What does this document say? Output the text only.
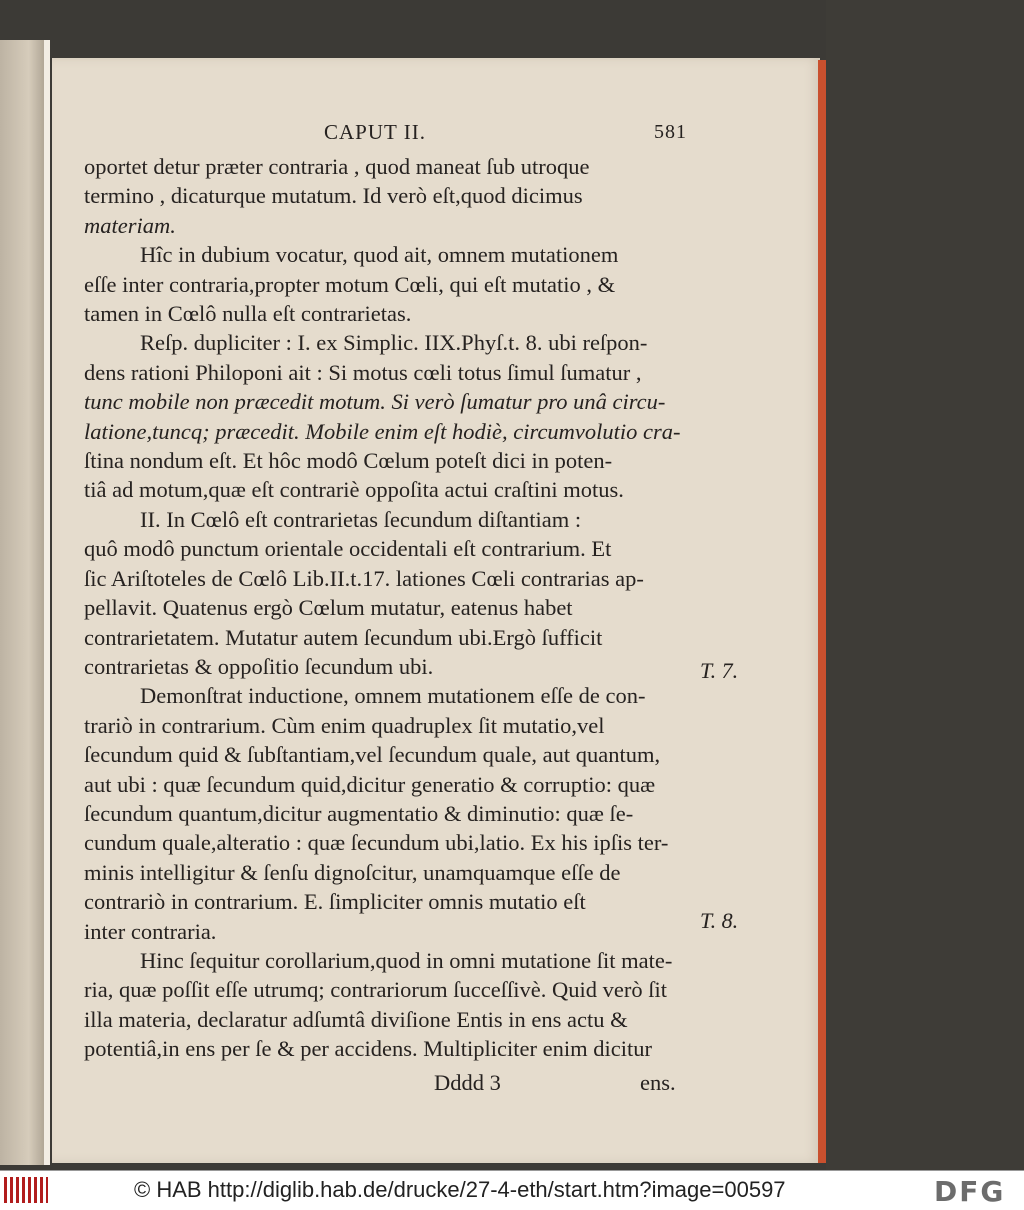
CAPUT II.	581
oportet detur præter contraria , quod maneat ſub utroque
termino , dicaturque mutatum. Id verò eſt,quod dicimus
materiam.
Hîc in dubium vocatur, quod ait, omnem mutationem
eſſe inter contraria,propter motum Cœli, qui eſt mutatio , &
tamen in Cœlô nulla eſt contrarietas.
Reſp. dupliciter : I. ex Simplic. IIX.Phyſ.t. 8. ubi reſpon-
dens rationi Philoponi ait : Si motus cœli totus ſimul ſumatur ,
tunc mobile non præcedit motum. Si verò ſumatur pro unâ circu-
latione,tuncq; præcedit. Mobile enim eſt hodiè, circumvolutio cra-
ſtina nondum eſt. Et hôc modô Cœlum poteſt dici in poten-
tiâ ad motum,quæ eſt contrariè oppoſita actui craſtini motus.
II. In Cœlô eſt contrarietas ſecundum diſtantiam :
quô modô punctum orientale occidentali eſt contrarium. Et
ſic Ariſtoteles de Cœlô Lib.II.t.17. lationes Cœli contrarias ap-
pellavit. Quatenus ergò Cœlum mutatur, eatenus habet
contrarietatem. Mutatur autem ſecundum ubi.Ergò ſufficit
contrarietas & oppoſitio ſecundum ubi.
Demonſtrat inductione, omnem mutationem eſſe de con-
trariò in contrarium. Cùm enim quadruplex ſit mutatio,vel
ſecundum quid & ſubſtantiam,vel ſecundum quale, aut quantum,
aut ubi : quæ ſecundum quid,dicitur generatio & corruptio: quæ
ſecundum quantum,dicitur augmentatio & diminutio: quæ ſe-
cundum quale,alteratio : quæ ſecundum ubi,latio. Ex his ipſis ter-
minis intelligitur & ſenſu dignoſcitur, unamquamque eſſe de
contrariò in contrarium. E. ſimpliciter omnis mutatio eſt
inter contraria.
Hinc ſequitur corollarium,quod in omni mutatione ſit mate-
ria, quæ poſſit eſſe utrumq; contrariorum ſucceſſivè. Quid verò ſit
illa materia, declaratur adſumtâ diviſione Entis in ens actu &
potentiâ,in ens per ſe & per accidens. Multipliciter enim dicitur
Dddd 3	ens.
T. 7.
T. 8.
© HAB http://diglib.hab.de/drucke/27-4-eth/start.htm?image=00597	DFG
